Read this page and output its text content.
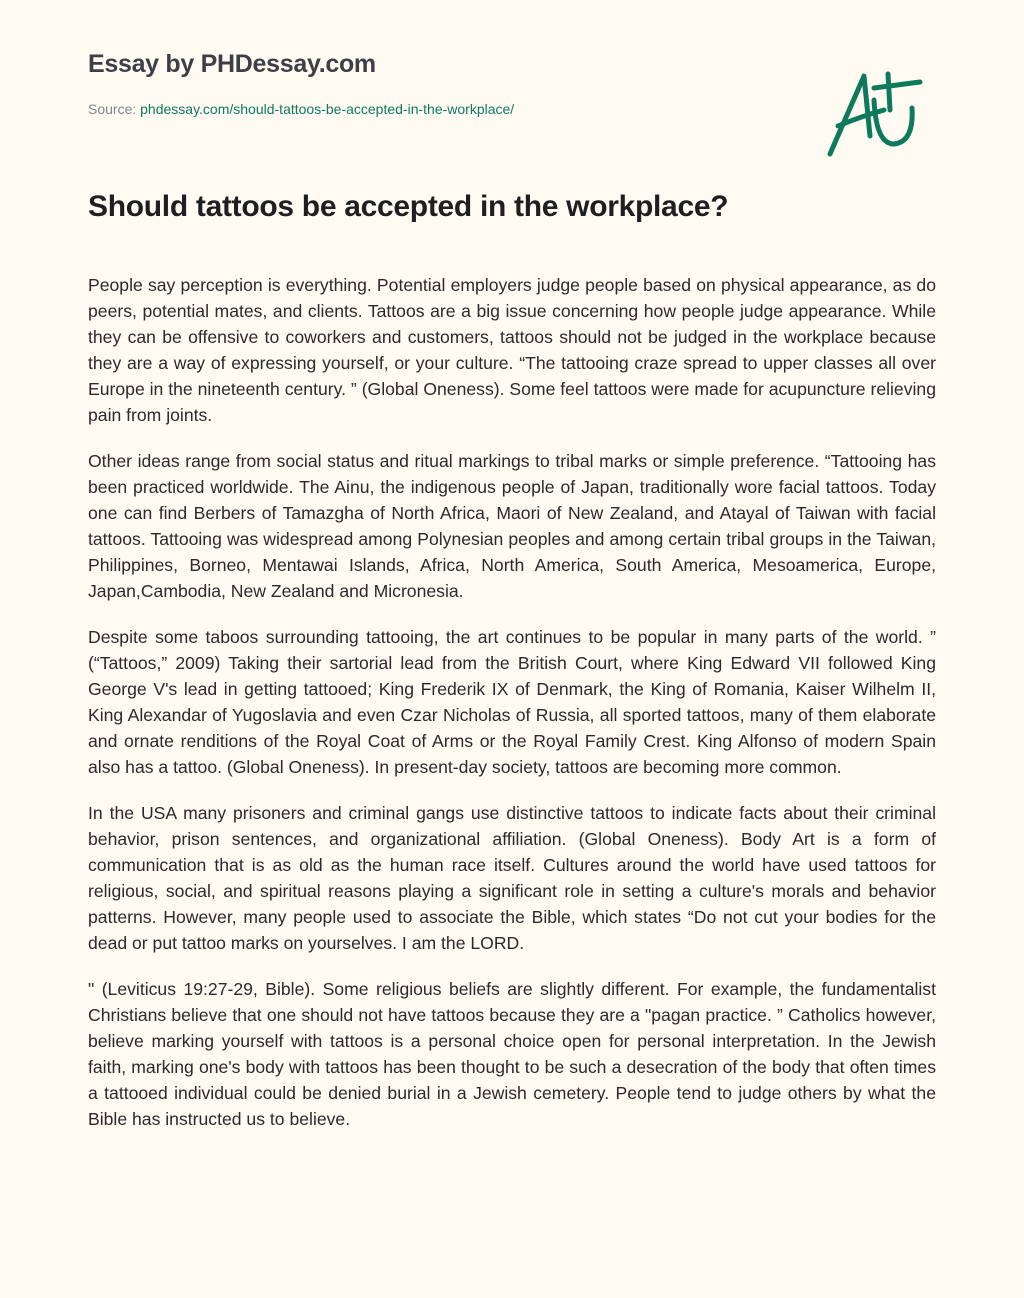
Essay by PHDessay.com
Source: phdessay.com/should-tattoos-be-accepted-in-the-workplace/
Should tattoos be accepted in the workplace?

People say perception is everything. Potential employers judge people based on physical appearance, as do peers, potential mates, and clients. Tattoos are a big issue concerning how people judge appearance. While they can be offensive to coworkers and customers, tattoos should not be judged in the workplace because they are a way of expressing yourself, or your culture. “The tattooing craze spread to upper classes all over Europe in the nineteenth century. ” (Global Oneness). Some feel tattoos were made for acupuncture relieving pain from joints.

Other ideas range from social status and ritual markings to tribal marks or simple preference. “Tattooing has been practiced worldwide. The Ainu, the indigenous people of Japan, traditionally wore facial tattoos. Today one can find Berbers of Tamazgha of North Africa, Maori of New Zealand, and Atayal of Taiwan with facial tattoos. Tattooing was widespread among Polynesian peoples and among certain tribal groups in the Taiwan, Philippines, Borneo, Mentawai Islands, Africa, North America, South America, Mesoamerica, Europe, Japan,Cambodia, New Zealand and Micronesia.

Despite some taboos surrounding tattooing, the art continues to be popular in many parts of the world. ” (“Tattoos,” 2009) Taking their sartorial lead from the British Court, where King Edward VII followed King George V's lead in getting tattooed; King Frederik IX of Denmark, the King of Romania, Kaiser Wilhelm II, King Alexandar of Yugoslavia and even Czar Nicholas of Russia, all sported tattoos, many of them elaborate and ornate renditions of the Royal Coat of Arms or the Royal Family Crest. King Alfonso of modern Spain also has a tattoo. (Global Oneness). In present-day society, tattoos are becoming more common.

In the USA many prisoners and criminal gangs use distinctive tattoos to indicate facts about their criminal behavior, prison sentences, and organizational affiliation. (Global Oneness). Body Art is a form of communication that is as old as the human race itself. Cultures around the world have used tattoos for religious, social, and spiritual reasons playing a significant role in setting a culture's morals and behavior patterns. However, many people used to associate the Bible, which states “Do not cut your bodies for the dead or put tattoo marks on yourselves. I am the LORD.

" (Leviticus 19:27-29, Bible). Some religious beliefs are slightly different. For example, the fundamentalist Christians believe that one should not have tattoos because they are a "pagan practice. ” Catholics however, believe marking yourself with tattoos is a personal choice open for personal interpretation. In the Jewish faith, marking one's body with tattoos has been thought to be such a desecration of the body that often times a tattooed individual could be denied burial in a Jewish cemetery. People tend to judge others by what the Bible has instructed us to believe.
